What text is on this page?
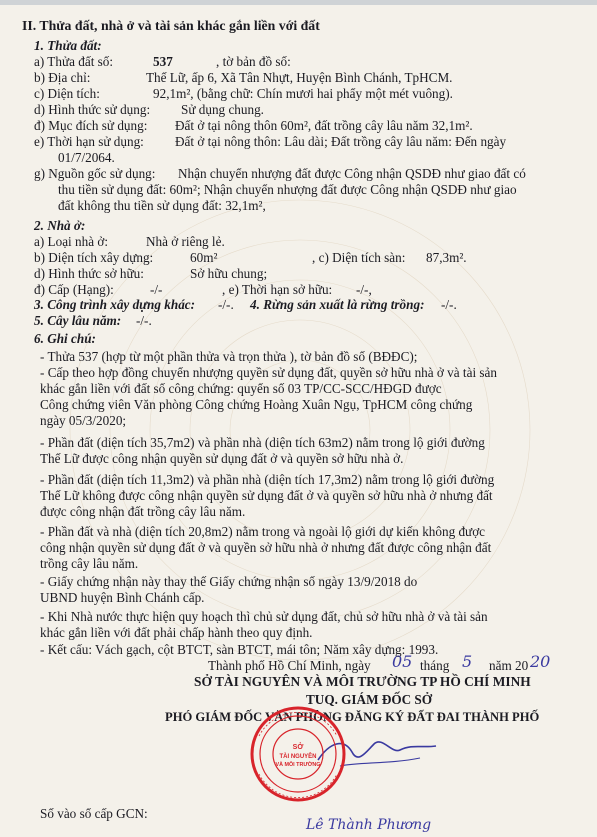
II. Thửa đất, nhà ở và tài sản khác gắn liền với đất
1. Thửa đất:
a) Thửa đất số:	537	, tờ bản đồ số:
b) Địa chỉ:	Thế Lữ, ấp 6, Xã Tân Nhựt, Huyện Bình Chánh, TpHCM.
c) Diện tích:	92,1m², (bằng chữ: Chín mươi hai phẩy một mét vuông).
d) Hình thức sử dụng: Sử dụng chung.
đ) Mục đích sử dụng: Đất ở tại nông thôn 60m², đất trồng cây lâu năm 32,1m².
e) Thời hạn sử dụng: Đất ở tại nông thôn: Lâu dài; Đất trồng cây lâu năm: Đến ngày
01/7/2064.
g) Nguồn gốc sử dụng: Nhận chuyển nhượng đất được Công nhận QSDĐ như giao đất có
thu tiền sử dụng đất: 60m²; Nhận chuyển nhượng đất được Công nhận QSDĐ như giao
đất không thu tiền sử dụng đất: 32,1m²,
2. Nhà ở:
a) Loại nhà ở:	Nhà ở riêng lẻ.
b) Diện tích xây dựng:	60m²	, c) Diện tích sàn: 87,3m².
d) Hình thức sở hữu:	Sở hữu chung;
đ) Cấp (Hạng):	-/-	, e) Thời hạn sở hữu: -/-,
3. Công trình xây dựng khác: -/-. 4. Rừng sản xuất là rừng trồng: -/-.
5. Cây lâu năm: -/-.
6. Ghi chú:
- Thửa 537 (hợp từ một phần thửa và trọn thửa ), tờ bản đồ số (BĐĐC);
- Cấp theo hợp đồng chuyển nhượng quyền sử dụng đất, quyền sở hữu nhà ở và tài sản
khác gắn liền với đất số công chứng: quyển số 03 TP/CC-SCC/HĐGD được
Công chứng viên Văn phòng Công chứng Hoàng Xuân Ngụ, TpHCM công chứng
ngày 05/3/2020;
- Phần đất (diện tích 35,7m2) và phần nhà (diện tích 63m2) nằm trong lộ giới đường
Thế Lữ được công nhận quyền sử dụng đất ở và quyền sở hữu nhà ở.
- Phần đất (diện tích 11,3m2) và phần nhà (diện tích 17,3m2) nằm trong lộ giới đường
Thế Lữ không được công nhận quyền sử dụng đất ở và quyền sở hữu nhà ở nhưng đất
được công nhận đất trồng cây lâu năm.
- Phần đất và nhà (diện tích 20,8m2) nằm trong và ngoài lộ giới dự kiến không được
công nhận quyền sử dụng đất ở và quyền sở hữu nhà ở nhưng đất được công nhận đất
trồng cây lâu năm.
- Giấy chứng nhận này thay thế Giấy chứng nhận số ngày 13/9/2018 do
UBND huyện Bình Chánh cấp.
- Khi Nhà nước thực hiện quy hoạch thì chủ sử dụng đất, chủ sở hữu nhà ở và tài sản
khác gắn liền với đất phải chấp hành theo quy định.
- Kết cấu: Vách gạch, cột BTCT, sàn BTCT, mái tôn; Năm xây dựng: 1993.
Thành phố Hồ Chí Minh, ngày 05 tháng 5 năm 20 20
SỞ TÀI NGUYÊN VÀ MÔI TRƯỜNG TP HỒ CHÍ MINH
TUQ. GIÁM ĐỐC SỞ
PHÓ GIÁM ĐỐC VĂN PHÒNG ĐĂNG KÝ ĐẤT ĐAI THÀNH PHỐ
SỞ
TÀI NGUYÊN
VÀ MÔI TRƯỜNG
Số vào sổ cấp GCN:
Lê Thành Phương
